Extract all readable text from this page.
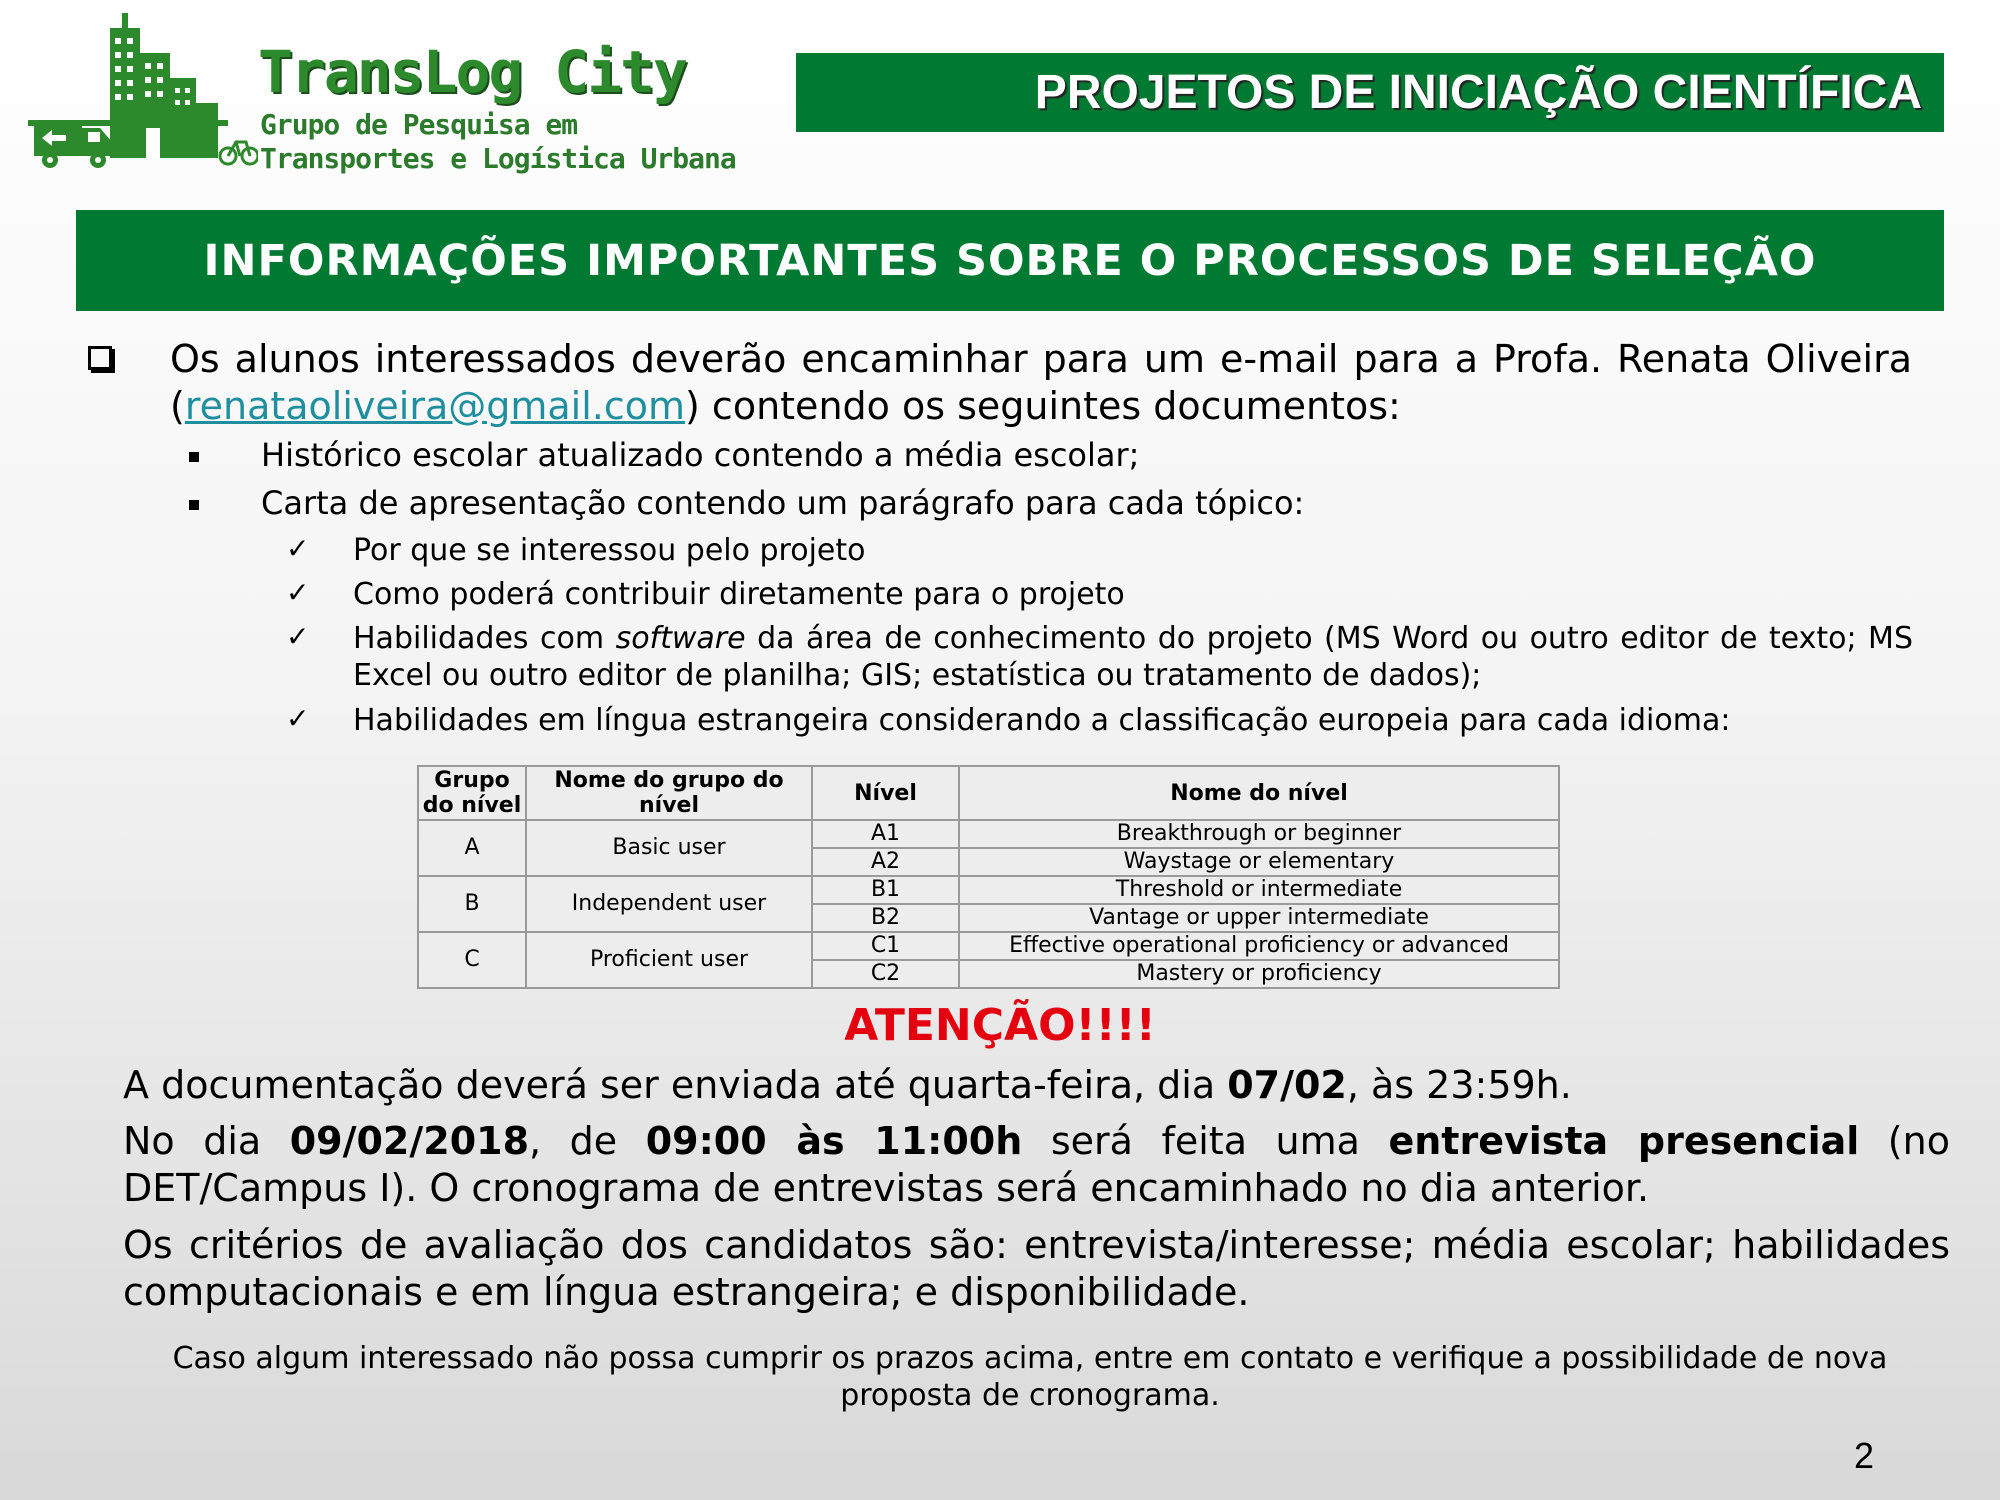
TransLog City
Grupo de Pesquisa em
Transportes e Logística Urbana
PROJETOS DE INICIAÇÃO CIENTÍFICA
INFORMAÇÕES IMPORTANTES SOBRE O PROCESSOS DE SELEÇÃO
Os alunos interessados deverão encaminhar para um e-mail para a Profa. Renata Oliveira (renataoliveira@gmail.com) contendo os seguintes documentos:
Histórico escolar atualizado contendo a média escolar;
Carta de apresentação contendo um parágrafo para cada tópico:
✓ Por que se interessou pelo projeto
✓ Como poderá contribuir diretamente para o projeto
✓ Habilidades com software da área de conhecimento do projeto (MS Word ou outro editor de texto; MS Excel ou outro editor de planilha; GIS; estatística ou tratamento de dados);
✓ Habilidades em língua estrangeira considerando a classificação europeia para cada idioma:
Grupo do nível	Nome do grupo do nível	Nível	Nome do nível
A	Basic user	A1	Breakthrough or beginner
		A2	Waystage or elementary
B	Independent user	B1	Threshold or intermediate
		B2	Vantage or upper intermediate
C	Proficient user	C1	Effective operational proficiency or advanced
		C2	Mastery or proficiency
ATENÇÃO!!!!
A documentação deverá ser enviada até quarta-feira, dia 07/02, às 23:59h.
No dia 09/02/2018, de 09:00 às 11:00h será feita uma entrevista presencial (no DET/Campus I). O cronograma de entrevistas será encaminhado no dia anterior.
Os critérios de avaliação dos candidatos são: entrevista/interesse; média escolar; habilidades computacionais e em língua estrangeira; e disponibilidade.
Caso algum interessado não possa cumprir os prazos acima, entre em contato e verifique a possibilidade de nova proposta de cronograma.
2
